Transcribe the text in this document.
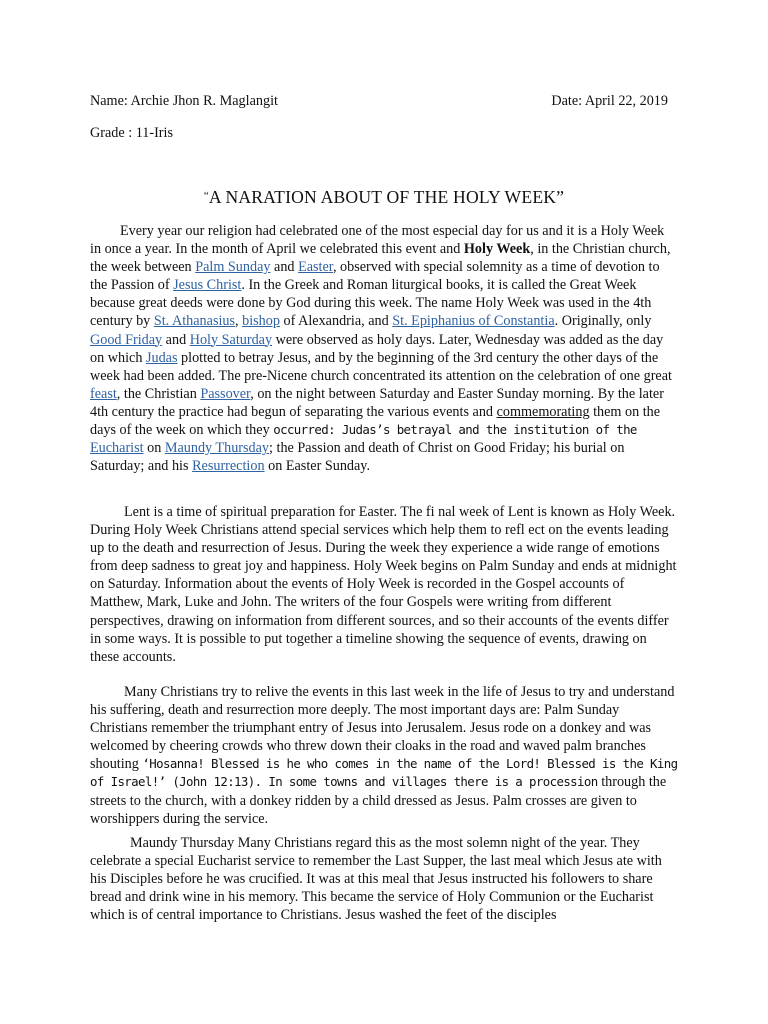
Name: Archie Jhon R. Maglangit	Date: April 22, 2019
Grade : 11-Iris
“A NARATION ABOUT OF THE HOLY WEEK”

Every year our religion had celebrated one of the most especial day for us and it is a Holy Week in once a year. In the month of April we celebrated this event and Holy Week, in the Christian church, the week between Palm Sunday and Easter, observed with special solemnity as a time of devotion to the Passion of Jesus Christ. In the Greek and Roman liturgical books, it is called the Great Week because great deeds were done by God during this week. The name Holy Week was used in the 4th century by St. Athanasius, bishop of Alexandria, and St. Epiphanius of Constantia. Originally, only Good Friday and Holy Saturday were observed as holy days. Later, Wednesday was added as the day on which Judas plotted to betray Jesus, and by the beginning of the 3rd century the other days of the week had been added. The pre-Nicene church concentrated its attention on the celebration of one great feast, the Christian Passover, on the night between Saturday and Easter Sunday morning. By the later 4th century the practice had begun of separating the various events and commemorating them on the days of the week on which they occurred: Judas’s betrayal and the institution of the Eucharist on Maundy Thursday; the Passion and death of Christ on Good Friday; his burial on Saturday; and his Resurrection on Easter Sunday.

Lent is a time of spiritual preparation for Easter. The fi nal week of Lent is known as Holy Week. During Holy Week Christians attend special services which help them to refl ect on the events leading up to the death and resurrection of Jesus. During the week they experience a wide range of emotions from deep sadness to great joy and happiness. Holy Week begins on Palm Sunday and ends at midnight on Saturday. Information about the events of Holy Week is recorded in the Gospel accounts of Matthew, Mark, Luke and John. The writers of the four Gospels were writing from different perspectives, drawing on information from different sources, and so their accounts of the events differ in some ways. It is possible to put together a timeline showing the sequence of events, drawing on these accounts.

Many Christians try to relive the events in this last week in the life of Jesus to try and understand his suffering, death and resurrection more deeply. The most important days are: Palm Sunday Christians remember the triumphant entry of Jesus into Jerusalem. Jesus rode on a donkey and was welcomed by cheering crowds who threw down their cloaks in the road and waved palm branches shouting ‘Hosanna! Blessed is he who comes in the name of the Lord! Blessed is the King of Israel!’ (John 12:13). In some towns and villages there is a procession through the streets to the church, with a donkey ridden by a child dressed as Jesus. Palm crosses are given to worshippers during the service.

Maundy Thursday Many Christians regard this as the most solemn night of the year. They celebrate a special Eucharist service to remember the Last Supper, the last meal which Jesus ate with his Disciples before he was crucified. It was at this meal that Jesus instructed his followers to share bread and drink wine in his memory. This became the service of Holy Communion or the Eucharist which is of central importance to Christians. Jesus washed the feet of the disciples
